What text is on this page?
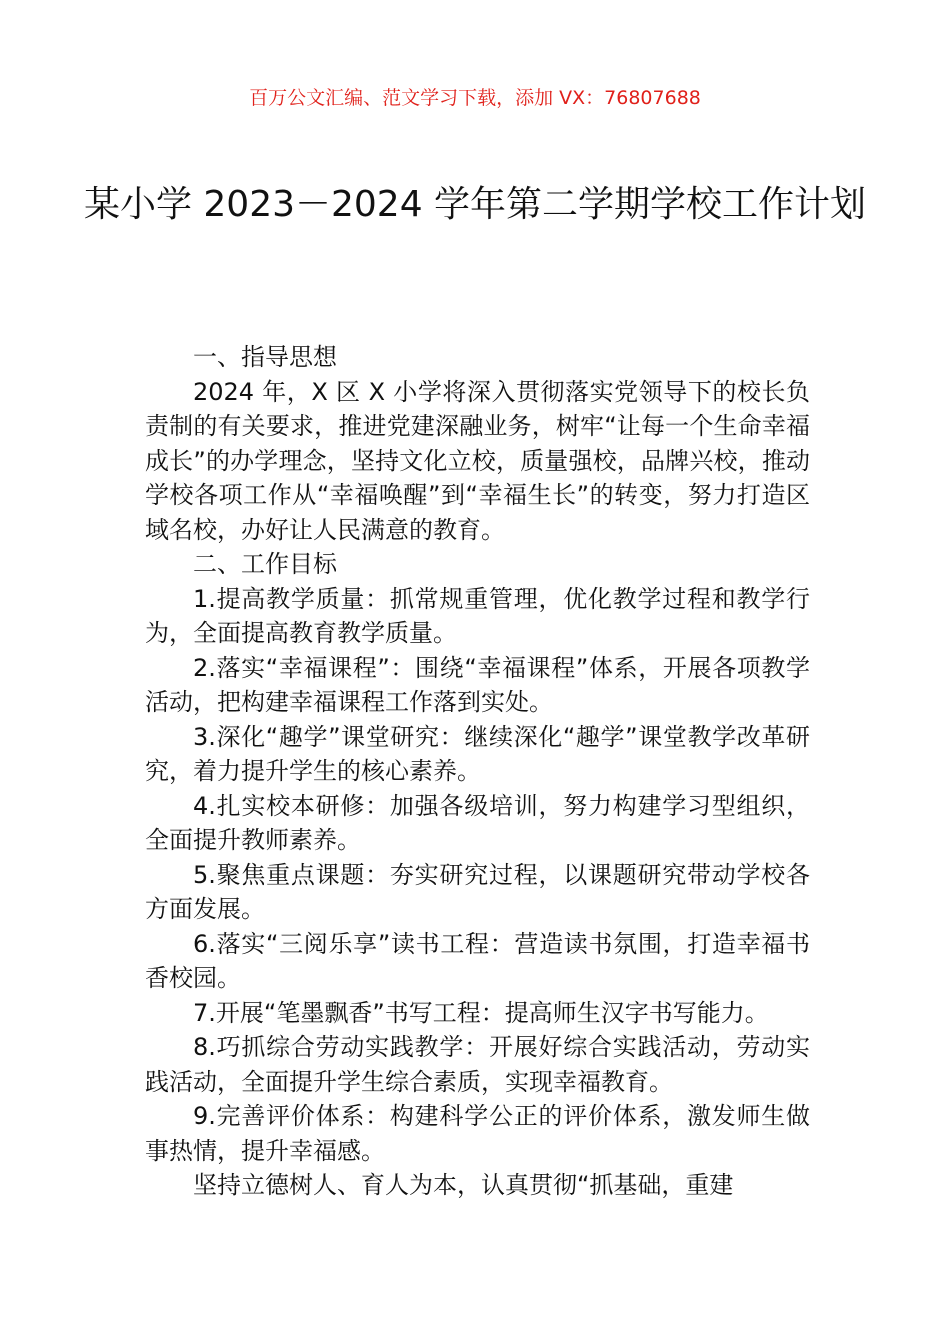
百万公文汇编、范文学习下载，添加 VX：76807688
某小学 2023－2024 学年第二学期学校工作计划

一、指导思想

2024 年，X 区 X 小学将深入贯彻落实党领导下的校长负责制的有关要求，推进党建深融业务，树牢“让每一个生命幸福成长”的办学理念，坚持文化立校，质量强校，品牌兴校，推动学校各项工作从“幸福唤醒”到“幸福生长”的转变，努力打造区域名校，办好让人民满意的教育。

二、工作目标

1.提高教学质量：抓常规重管理，优化教学过程和教学行为，全面提高教育教学质量。

2.落实“幸福课程”：围绕“幸福课程”体系，开展各项教学活动，把构建幸福课程工作落到实处。

3.深化“趣学”课堂研究：继续深化“趣学”课堂教学改革研究，着力提升学生的核心素养。

4.扎实校本研修：加强各级培训，努力构建学习型组织，全面提升教师素养。

5.聚焦重点课题：夯实研究过程，以课题研究带动学校各方面发展。

6.落实“三阅乐享”读书工程：营造读书氛围，打造幸福书香校园。

7.开展“笔墨飘香”书写工程：提高师生汉字书写能力。

8.巧抓综合劳动实践教学：开展好综合实践活动，劳动实践活动，全面提升学生综合素质，实现幸福教育。

9.完善评价体系：构建科学公正的评价体系，激发师生做事热情，提升幸福感。

坚持立德树人、育人为本，认真贯彻“抓基础，重建
